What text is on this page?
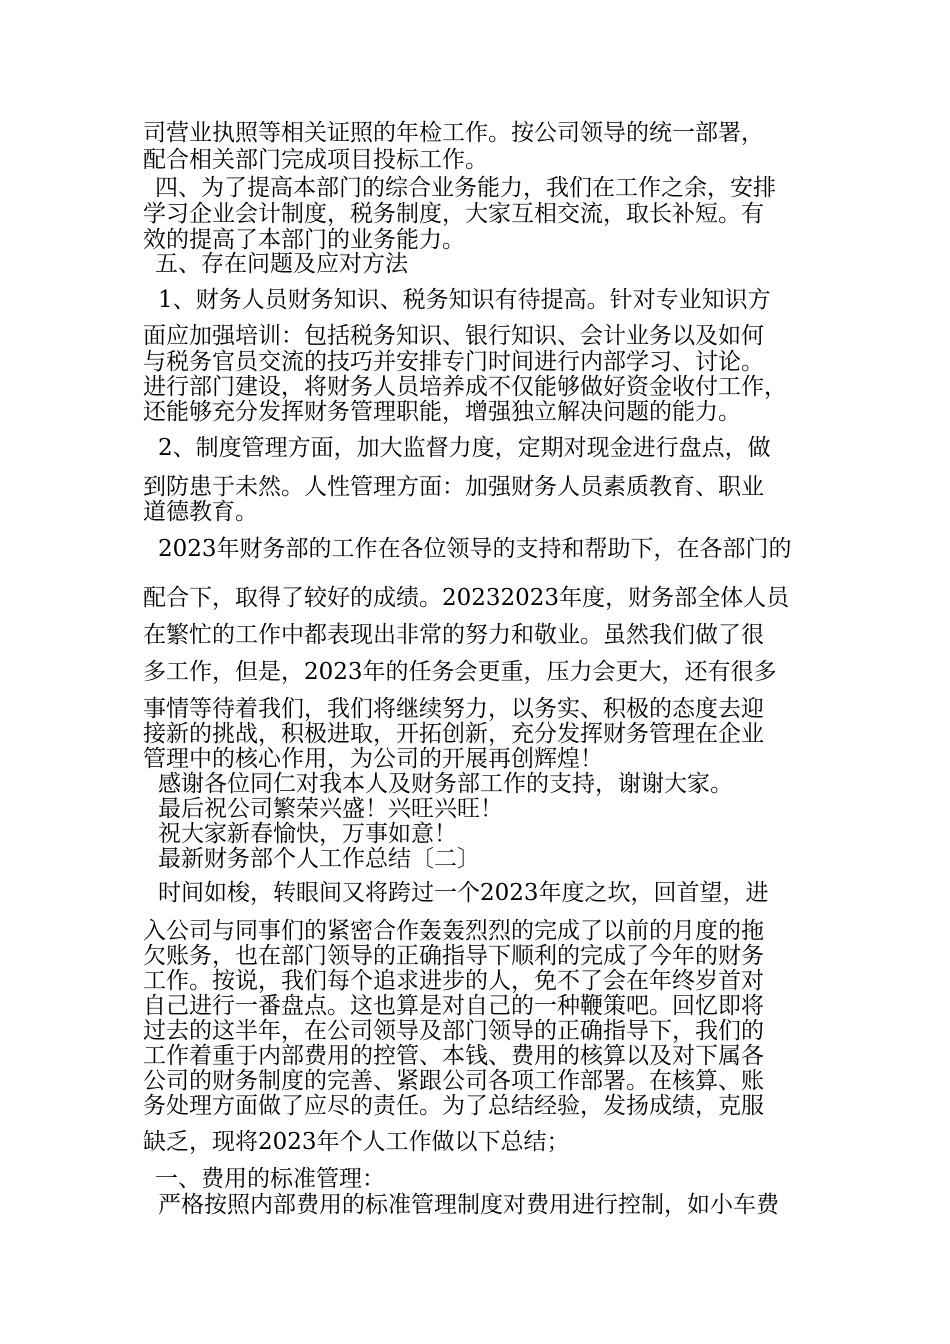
司营业执照等相关证照的年检工作。按公司领导的统一部署，
配合相关部门完成项目投标工作。
四、为了提高本部门的综合业务能力，我们在工作之余，安排
学习企业会计制度，税务制度，大家互相交流，取长补短。有
效的提高了本部门的业务能力。
五、存在问题及应对方法
1、财务人员财务知识、税务知识有待提高。针对专业知识方
面应加强培训：包括税务知识、银行知识、会计业务以及如何
与税务官员交流的技巧并安排专门时间进行内部学习、讨论。
进行部门建设，将财务人员培养成不仅能够做好资金收付工作，
还能够充分发挥财务管理职能，增强独立解决问题的能力。
2、制度管理方面，加大监督力度，定期对现金进行盘点，做
到防患于未然。人性管理方面：加强财务人员素质教育、职业
道德教育。
2023年财务部的工作在各位领导的支持和帮助下，在各部门的
配合下，取得了较好的成绩。20232023年度，财务部全体人员
在繁忙的工作中都表现出非常的努力和敬业。虽然我们做了很
多工作，但是，2023年的任务会更重，压力会更大，还有很多
事情等待着我们，我们将继续努力，以务实、积极的态度去迎
接新的挑战，积极进取，开拓创新，充分发挥财务管理在企业
管理中的核心作用，为公司的开展再创辉煌！
感谢各位同仁对我本人及财务部工作的支持，谢谢大家。
最后祝公司繁荣兴盛！兴旺兴旺！
祝大家新春愉快，万事如意！
最新财务部个人工作总结〔二〕
时间如梭，转眼间又将跨过一个2023年度之坎，回首望，进
入公司与同事们的紧密合作轰轰烈烈的完成了以前的月度的拖
欠账务，也在部门领导的正确指导下顺利的完成了今年的财务
工作。按说，我们每个追求进步的人，免不了会在年终岁首对
自己进行一番盘点。这也算是对自己的一种鞭策吧。回忆即将
过去的这半年，在公司领导及部门领导的正确指导下，我们的
工作着重于内部费用的控管、本钱、费用的核算以及对下属各
公司的财务制度的完善、紧跟公司各项工作部署。在核算、账
务处理方面做了应尽的责任。为了总结经验，发扬成绩，克服
缺乏，现将2023年个人工作做以下总结；
一、费用的标准管理：
严格按照内部费用的标准管理制度对费用进行控制，如小车费
